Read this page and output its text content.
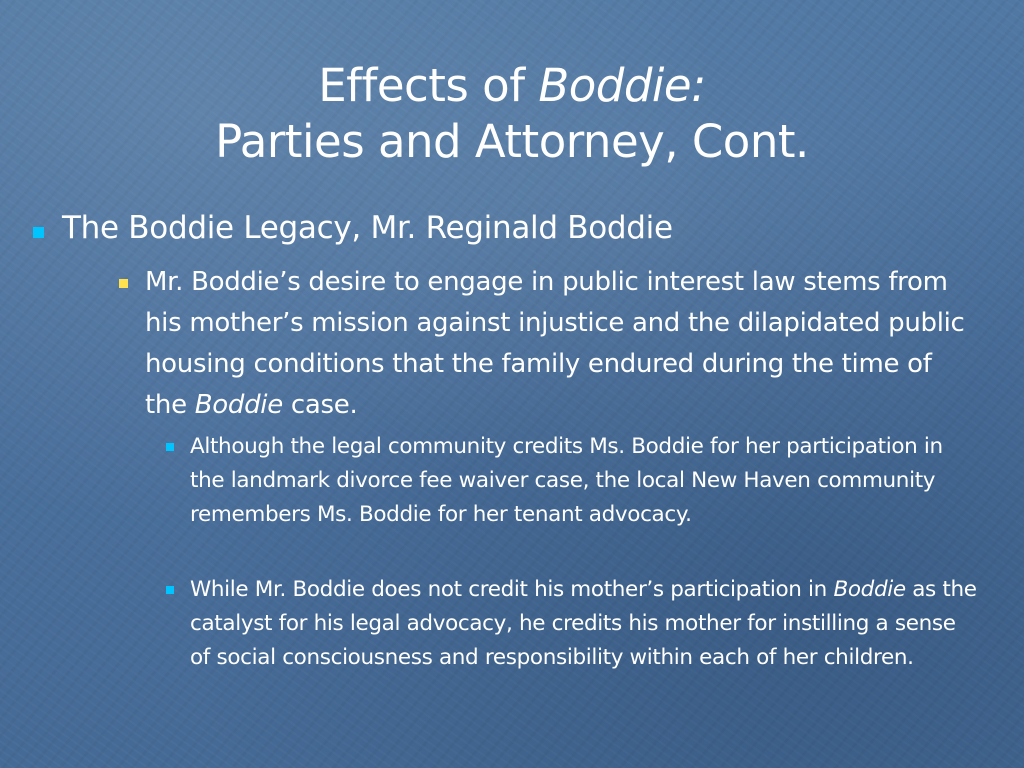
Effects of Boddie:
Parties and Attorney, Cont.
The Boddie Legacy, Mr. Reginald Boddie
Mr. Boddie’s desire to engage in public interest law stems from his mother’s mission against injustice and the dilapidated public housing conditions that the family endured during the time of the Boddie case.
Although the legal community credits Ms. Boddie for her participation in the landmark divorce fee waiver case, the local New Haven community remembers Ms. Boddie for her tenant advocacy.
While Mr. Boddie does not credit his mother’s participation in Boddie as the catalyst for his legal advocacy, he credits his mother for instilling a sense of social consciousness and responsibility within each of her children.
